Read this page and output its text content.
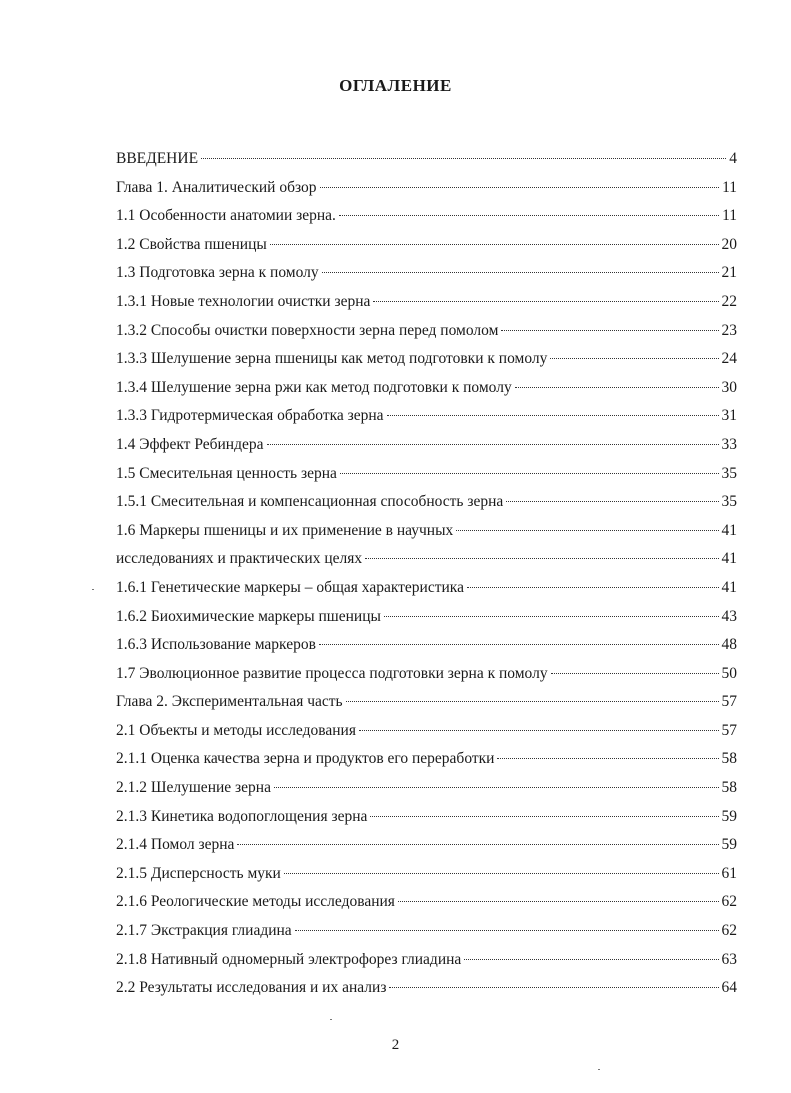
ОГЛАЛЕНИЕ
ВВЕДЕНИЕ	4
Глава 1. Аналитический обзор	11
1.1 Особенности анатомии зерна.	11
1.2 Свойства пшеницы	20
1.3 Подготовка зерна к помолу	21
1.3.1 Новые технологии очистки зерна	22
1.3.2 Способы очистки поверхности зерна перед помолом	23
1.3.3 Шелушение зерна пшеницы как метод подготовки к помолу	24
1.3.4 Шелушение зерна ржи как метод подготовки к помолу	30
1.3.3 Гидротермическая обработка зерна	31
1.4 Эффект Ребиндера	33
1.5 Смесительная ценность зерна	35
1.5.1 Смесительная и компенсационная способность зерна	35
1.6 Маркеры пшеницы и их применение в научных	41
исследованиях и практических целях	41
1.6.1 Генетические маркеры – общая характеристика	41
1.6.2 Биохимические маркеры пшеницы	43
1.6.3 Использование маркеров	48
1.7 Эволюционное развитие процесса подготовки зерна к помолу	50
Глава 2. Экспериментальная часть	57
2.1 Объекты и методы исследования	57
2.1.1 Оценка качества зерна и продуктов его переработки	58
2.1.2 Шелушение зерна	58
2.1.3 Кинетика водопоглощения зерна	59
2.1.4 Помол зерна	59
2.1.5 Дисперсность муки	61
2.1.6 Реологические методы исследования	62
2.1.7 Экстракция глиадина	62
2.1.8 Нативный одномерный электрофорез глиадина	63
2.2 Результаты исследования и их анализ	64
2
